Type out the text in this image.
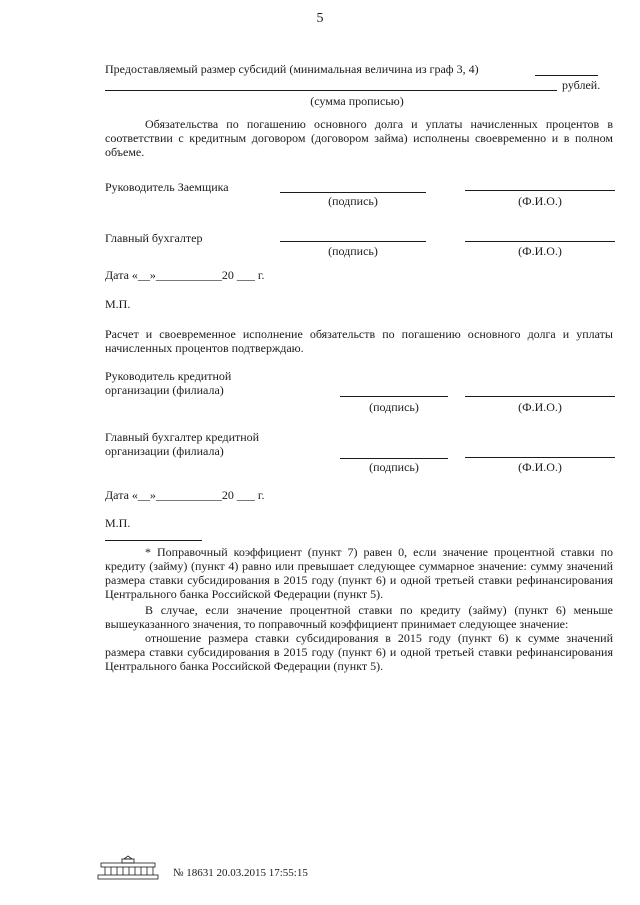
5
Предоставляемый размер субсидий (минимальная величина из граф 3, 4)
рублей.
(сумма прописью)

Обязательства по погашению основного долга и уплаты начисленных процентов в соответствии с кредитным договором (договором займа) исполнены своевременно и в полном объеме.

Руководитель Заемщика
(подпись)	(Ф.И.О.)
Главный бухгалтер
(подпись)	(Ф.И.О.)
Дата «__»___________20 ___ г.
М.П.
Расчет и своевременное исполнение обязательств по погашению основного долга и уплаты начисленных процентов подтверждаю.
Руководитель кредитной
организации (филиала)
(подпись)	(Ф.И.О.)
Главный бухгалтер кредитной
организации (филиала)
(подпись)	(Ф.И.О.)
Дата «__»___________20 ___ г.
М.П.

* Поправочный коэффициент (пункт 7) равен 0, если значение процентной ставки по кредиту (займу) (пункт 4) равно или превышает следующее суммарное значение: сумму значений размера ставки субсидирования в 2015 году (пункт 6) и одной третьей ставки рефинансирования Центрального банка Российской Федерации (пункт 5).

В случае, если значение процентной ставки по кредиту (займу) (пункт 6) меньше вышеуказанного значения, то поправочный коэффициент принимает следующее значение:

отношение размера ставки субсидирования в 2015 году (пункт 6) к сумме значений размера ставки субсидирования в 2015 году (пункт 6) и одной третьей ставки рефинансирования Центрального банка Российской Федерации (пункт 5).

№ 18631 20.03.2015 17:55:15
